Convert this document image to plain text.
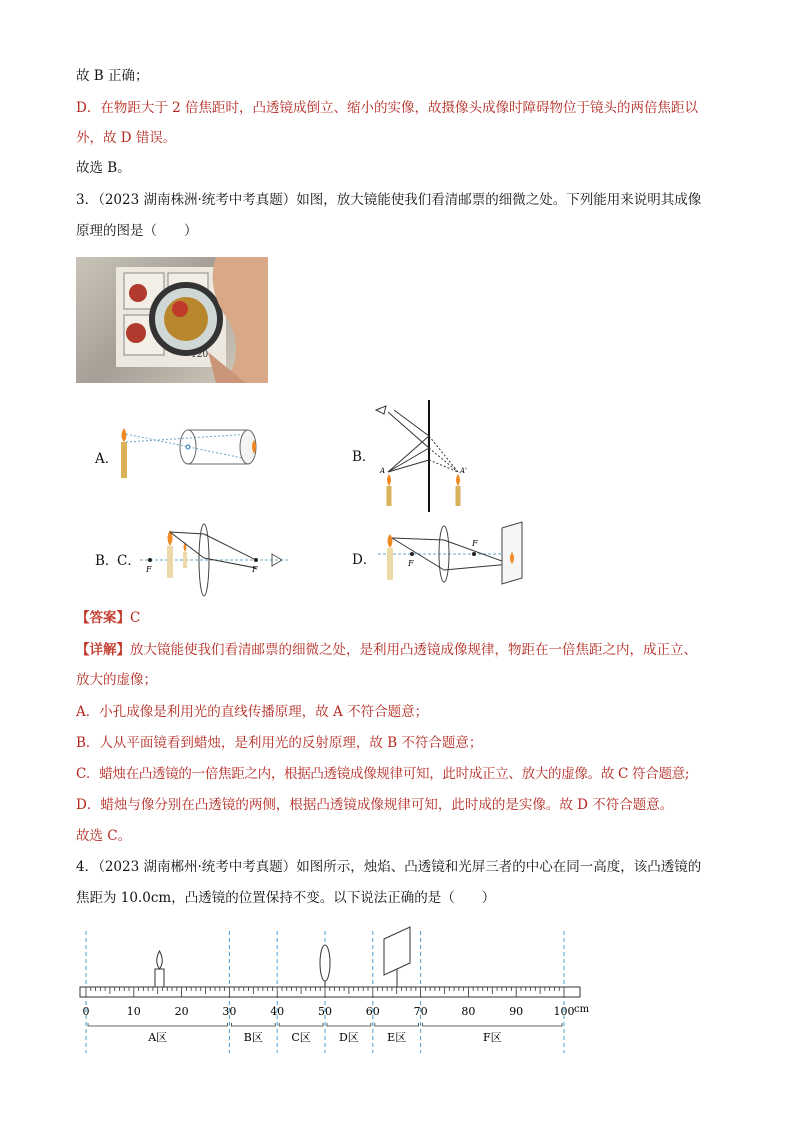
故 B 正确；
D．在物距大于 2 倍焦距时，凸透镜成倒立、缩小的实像，故摄像头成像时障碍物位于镜头的两倍焦距以
外，故 D 错误。
故选 B。
3．（2023 湖南株洲·统考中考真题）如图，放大镜能使我们看清邮票的细微之处。下列能用来说明其成像
原理的图是（　　）
120
A．	B．
A	A'
B．
C．
F	F
D．	F
F
【答案】C
【详解】放大镜能使我们看清邮票的细微之处，是利用凸透镜成像规律，物距在一倍焦距之内，成正立、
放大的虚像；
A．小孔成像是利用光的直线传播原理，故 A 不符合题意；
B．人从平面镜看到蜡烛，是利用光的反射原理，故 B 不符合题意；
C．蜡烛在凸透镜的一倍焦距之内，根据凸透镜成像规律可知，此时成正立、放大的虚像。故 C 符合题意;
D．蜡烛与像分别在凸透镜的两侧，根据凸透镜成像规律可知，此时成的是实像。故 D 不符合题意。
故选 C。
4．（2023 湖南郴州·统考中考真题）如图所示，烛焰、凸透镜和光屏三者的中心在同一高度，该凸透镜的
焦距为 10.0cm，凸透镜的位置保持不变。以下说法正确的是（　　）
0	10	20	30	40	50	60	70	80	90	100 cm
A区	B区	C区	D区	E区	F区
